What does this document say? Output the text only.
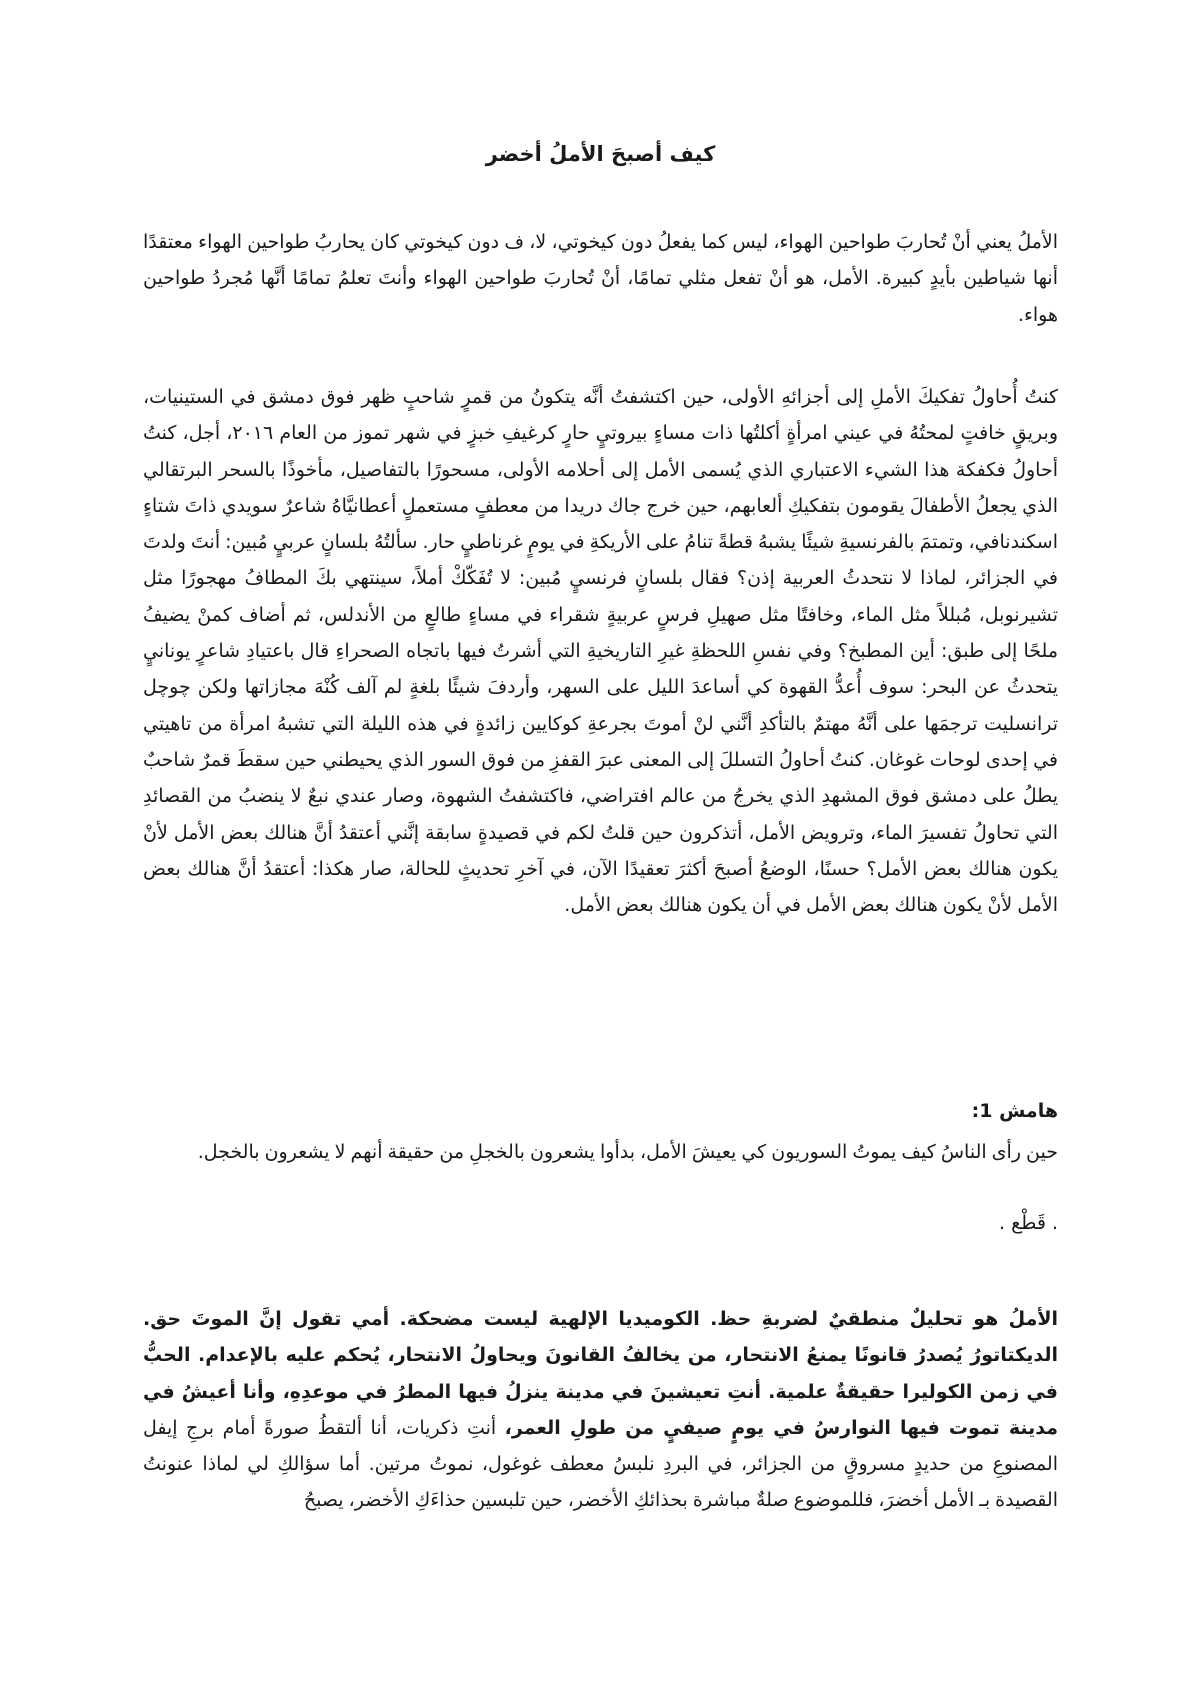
كيف أصبحَ الأملُ أخضر

الأملُ يعني أنْ تُحاربَ طواحين الهواء، ليس كما يفعلُ دون كيخوتي، لا، ف دون كيخوتي كان يحاربُ طواحين الهواء معتقدًا أنها شياطين بأيدٍ كبيرة. الأمل، هو أنْ تفعل مثلي تمامًا، أنْ تُحاربَ طواحين الهواء وأنتَ تعلمُ تمامًا أنَّها مُجردُ طواحين هواء.

كنتُ أُحاولُ تفكيكَ الأملِ إلى أجزائهِ الأولى، حين اكتشفتُ أنَّه يتكونُ من قمرٍ شاحبٍ ظهر فوق دمشق في الستينيات، وبريقٍ خافتٍ لمحتُهُ في عيني امرأةٍ أكلتُها ذات مساءٍ بيروتيٍ حارٍ كرغيفِ خبزٍ في شهر تموز من العام ٢٠١٦، أجل، كنتُ أحاولُ فكفكة هذا الشيء الاعتباري الذي يُسمى الأمل إلى أحلامه الأولى، مسحورًا بالتفاصيل، مأخوذًا بالسحر البرتقالي الذي يجعلُ الأطفالَ يقومون بتفكيكِ ألعابهم، حين خرج جاك دريدا من معطفٍ مستعملٍ أعطانيَّاهُ شاعرٌ سويدي ذاتَ شتاءٍ اسكندنافي، وتمتمَ بالفرنسيةِ شيئًا يشبهُ قطةً تنامُ على الأريكةِ في يومٍ غرناطيٍ حار. سألتُهُ بلسانٍ عربيٍ مُبين: أنتَ ولدتَ في الجزائر، لماذا لا نتحدثُ العربية إذن؟ فقال بلسانٍ فرنسيٍ مُبين: لا تُفَكّكْ أملاً، سينتهي بكَ المطافُ مهجورًا مثل تشيرنوبل، مُبللاً مثل الماء، وخافتًا مثل صهيلِ فرسٍ عربيةٍ شقراء في مساءٍ طالعٍ من الأندلس، ثم أضاف كمنْ يضيفُ ملحًا إلى طبق: أين المطبخ؟ وفي نفسِ اللحظةِ غيرِ التاريخيةِ التي أشرتُ فيها باتجاه الصحراءِ قال باعتيادِ شاعرٍ يونانيٍ يتحدثُ عن البحر: سوف أُعدُّ القهوة كي أساعدَ الليل على السهر، وأردفَ شيئًا بلغةٍ لم آلف كُنْهَ مجازاتها ولكن چوچل ترانسليت ترجمَها على أنَّهُ مهتمٌ بالتأكدِ أنَّني لنْ أموتَ بجرعةِ كوكايين زائدةٍ في هذه الليلة التي تشبهُ امرأة من تاهيتي في إحدى لوحات غوغان. كنتُ أحاولُ التسللَ إلى المعنى عبرَ القفزِ من فوق السور الذي يحيطني حين سقطَ قمرٌ شاحبٌ يطلُ على دمشق فوق المشهدِ الذي يخرجُ من عالم افتراضي، فاكتشفتُ الشهوة، وصار عندي نبعٌ لا ينضبُ من القصائدِ التي تحاولُ تفسيرَ الماء، وترويض الأمل، أتذكرون حين قلتُ لكم في قصيدةٍ سابقة إنَّني أعتقدُ أنَّ هنالك بعض الأمل لأنْ يكون هنالك بعض الأمل؟ حسنًا، الوضعُ أصبحَ أكثرَ تعقيدًا الآن، في آخرِ تحديثٍ للحالة، صار هكذا: أعتقدُ أنَّ هنالك بعض الأمل لأنْ يكون هنالك بعض الأمل في أن يكون هنالك بعض الأمل.

هامش 1:

حين رأى الناسُ كيف يموتُ السوريون كي يعيشَ الأمل، بدأوا يشعرون بالخجلِ من حقيقة أنهم لا يشعرون بالخجل.

. قَطْع .

الأملُ هو تحليلٌ منطقيٌ لضربةِ حظ. الكوميديا الإلهية ليست مضحكة. أمي تقول إنَّ الموتَ حق. الديكتاتورُ يُصدرُ قانونًا يمنعُ الانتحار، من يخالفُ القانونَ ويحاولُ الانتحار، يُحكم عليه بالإعدام. الحبُّ في زمن الكوليرا حقيقةٌ علمية. أنتِ تعيشينَ في مدينة ينزلُ فيها المطرُ في موعدِهِ، وأنا أعيشُ في مدينة تموت فيها النوارسُ في يومٍ صيفيٍ من طولِ العمر، أنتِ ذكريات، أنا ألتقطُ صورةً أمام برجِ إيفل المصنوعِ من حديدٍ مسروقٍ من الجزائر، في البردِ نلبسُ معطف غوغول، نموتُ مرتين. أما سؤالكِ لي لماذا عنونتُ القصيدة بـ الأمل أخضرَ، فللموضوع صلةٌ مباشرة بحذائكِ الأخضر، حين تلبسين حذاءَكِ الأخضر، يصبحُ
